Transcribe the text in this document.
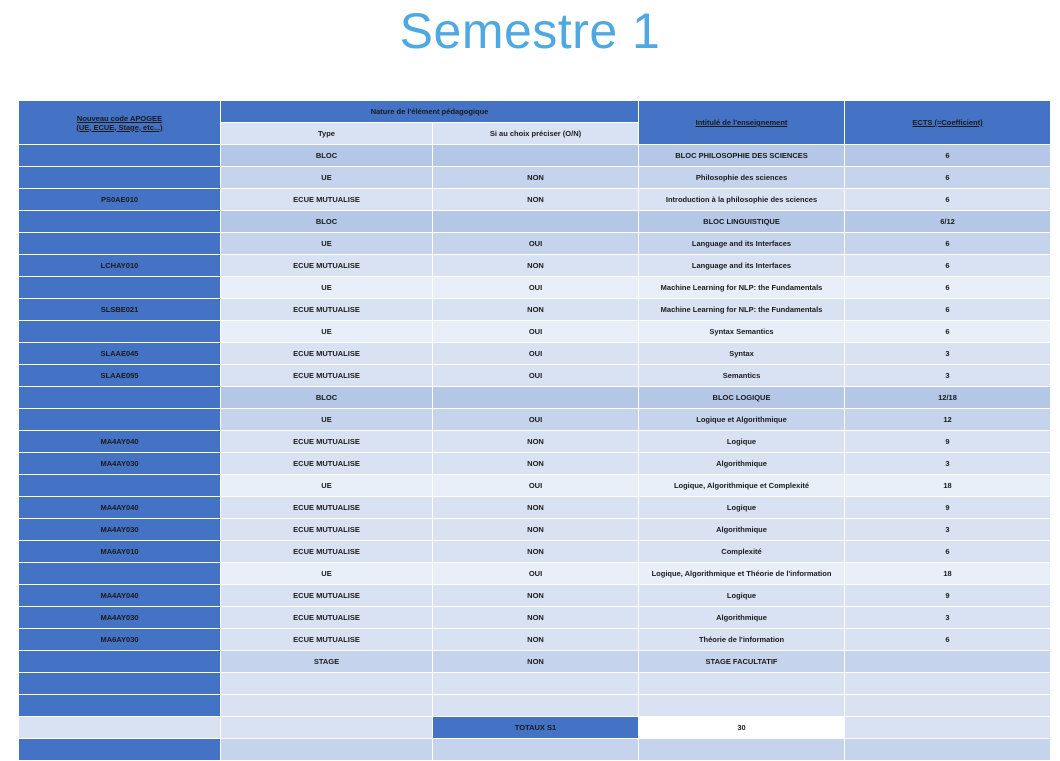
Semestre 1
Nouveau code APOGEE
(UE, ECUE, Stage, etc...)	Nature de l'élément pédagogique		Intitulé de l'enseignement	ECTS (=Coefficient)
	Type	Si au choix préciser (O/N)		
	BLOC		BLOC PHILOSOPHIE DES SCIENCES	6
	UE	NON	Philosophie des sciences	6
PS0AE010	ECUE MUTUALISE	NON	Introduction à la philosophie des sciences	6
	BLOC		BLOC LINGUISTIQUE	6/12
	UE	OUI	Language and its Interfaces	6
LCHAY010	ECUE MUTUALISE	NON	Language and its Interfaces	6
	UE	OUI	Machine Learning for NLP: the Fundamentals	6
SLSBE021	ECUE MUTUALISE	NON	Machine Learning for NLP: the Fundamentals	6
	UE	OUI	Syntax Semantics	6
SLAAE045	ECUE MUTUALISE	OUI	Syntax	3
SLAAE055	ECUE MUTUALISE	OUI	Semantics	3
	BLOC		BLOC LOGIQUE	12/18
	UE	OUI	Logique et Algorithmique	12
MA4AY040	ECUE MUTUALISE	NON	Logique	9
MA4AY030	ECUE MUTUALISE	NON	Algorithmique	3
	UE	OUI	Logique, Algorithmique et Complexité	18
MA4AY040	ECUE MUTUALISE	NON	Logique	9
MA4AY030	ECUE MUTUALISE	NON	Algorithmique	3
MA6AY010	ECUE MUTUALISE	NON	Complexité	6
	UE	OUI	Logique, Algorithmique et Théorie de l'information	18
MA4AY040	ECUE MUTUALISE	NON	Logique	9
MA4AY030	ECUE MUTUALISE	NON	Algorithmique	3
MA6AY030	ECUE MUTUALISE	NON	Théorie de l'information	6
	STAGE	NON	STAGE FACULTATIF	

		TOTAUX S1	30	
